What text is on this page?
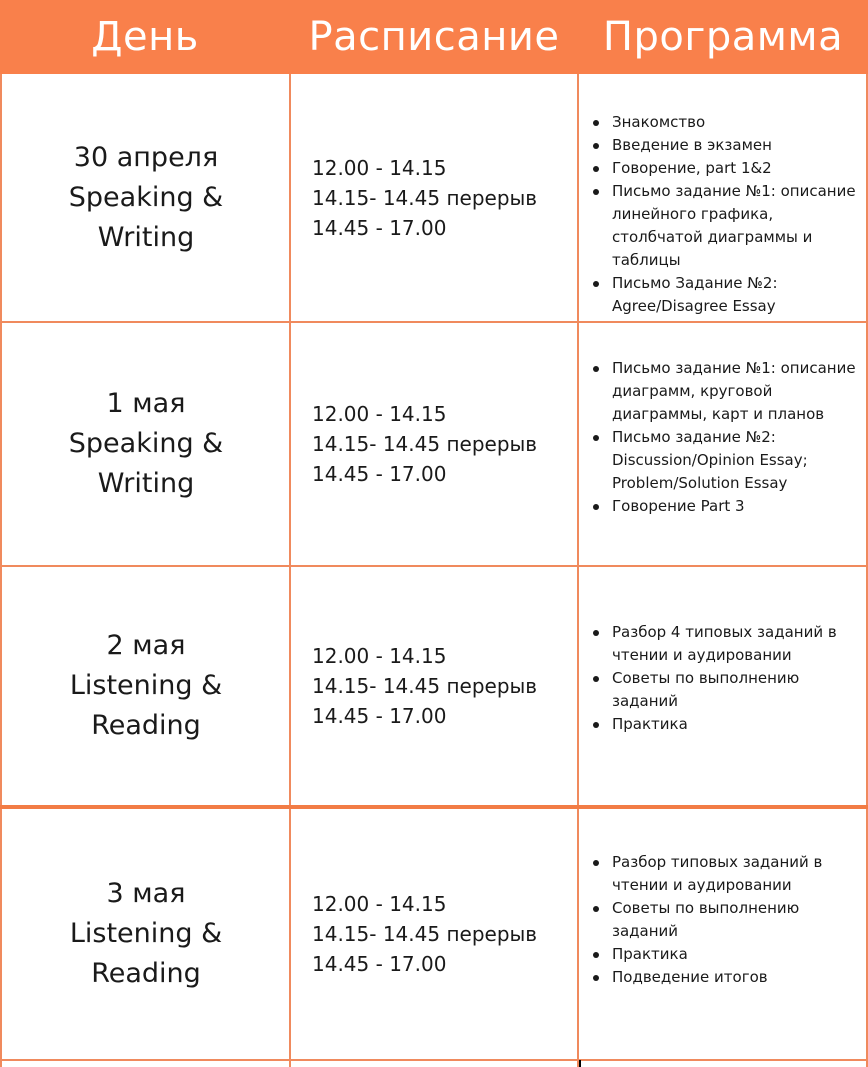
День	Расписание	Программа
30 апреля
Speaking &
Writing
12.00 - 14.15
14.15- 14.45 перерыв
14.45 - 17.00
Знакомство
Введение в экзамен
Говорение, part 1&2
Письмо задание №1: описание линейного графика, столбчатой диаграммы и таблицы
Письмо Задание №2: Agree/Disagree Essay
1 мая
Speaking &
Writing
12.00 - 14.15
14.15- 14.45 перерыв
14.45 - 17.00
Письмо задание №1: описание диаграмм, круговой диаграммы, карт и планов
Письмо задание №2: Discussion/Opinion Essay; Problem/Solution Essay
Говорение Part 3
2 мая
Listening &
Reading
12.00 - 14.15
14.15- 14.45 перерыв
14.45 - 17.00
Разбор 4 типовых заданий в чтении и аудировании
Советы по выполнению заданий
Практика
3 мая
Listening &
Reading
12.00 - 14.15
14.15- 14.45 перерыв
14.45 - 17.00
Разбор типовых заданий в чтении и аудировании
Советы по выполнению заданий
Практика
Подведение итогов
